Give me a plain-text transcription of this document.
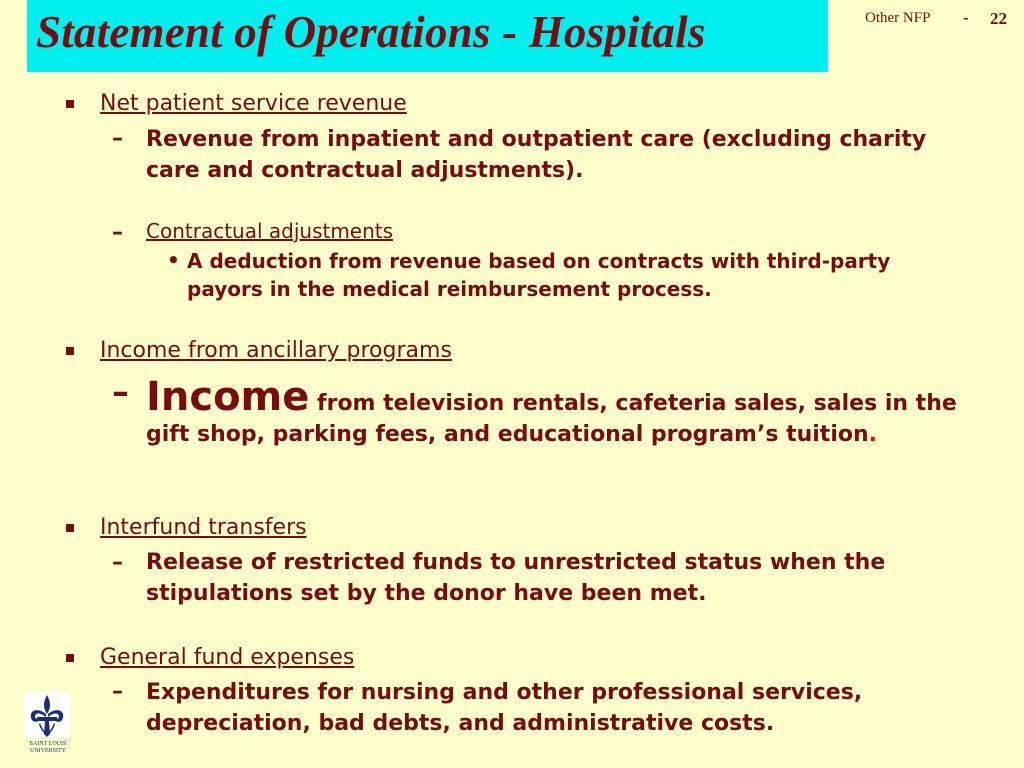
Statement of Operations - Hospitals	Other NFP - 22
Net patient service revenue
– Revenue from inpatient and outpatient care (excluding charity care and contractual adjustments).
– Contractual adjustments
• A deduction from revenue based on contracts with third-party payors in the medical reimbursement process.
Income from ancillary programs
– Income from television rentals, cafeteria sales, sales in the gift shop, parking fees, and educational program’s tuition.
Interfund transfers
– Release of restricted funds to unrestricted status when the stipulations set by the donor have been met.
General fund expenses
– Expenditures for nursing and other professional services, depreciation, bad debts, and administrative costs.
SAINT LOUIS
UNIVERSITY
